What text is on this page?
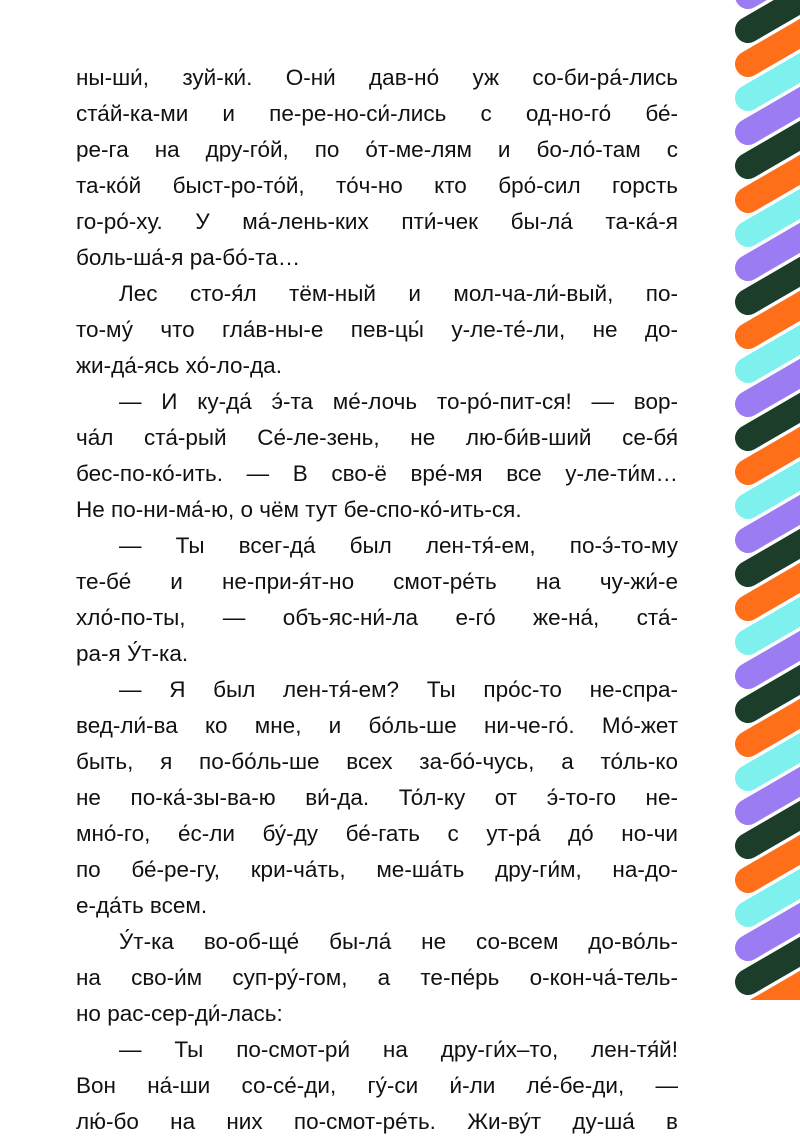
ны-ши́, зуй-ки́. О-ни́ дав-но́ уж со-би-ра́-лись
ста́й-ка-ми и пе-ре-но-си́-лись с од-но-го́ бе́-
ре-га на дру-го́й, по о́т-ме-лям и бо-ло́-там с
та-ко́й быст-ро-то́й, то́ч-но кто бро́-сил горсть
го-ро́-ху. У ма́-лень-ких пти́-чек бы-ла́ та-ка́-я
боль-ша́-я ра-бо́-та…
Лес сто-я́л тём-ный и мол-ча-ли́-вый, по-
то-му́ что гла́в-ны-е пев-цы́ у-ле-те́-ли, не до-
жи-да́-ясь хо́-ло-да.
— И ку-да́ э́-та ме́-лочь то-ро́-пит-ся! — вор-
ча́л ста́-рый Се́-ле-зень, не лю-би́в-ший се-бя́
бес-по-ко́-ить. — В сво-ё вре́-мя все у-ле-ти́м…
Не по-ни-ма́-ю, о чём тут бе-спо-ко́-ить-ся.
— Ты всег-да́ был лен-тя́-ем, по-э́-то-му
те-бе́ и не-при-я́т-но смот-ре́ть на чу-жи́-е
хло́-по-ты, — объ-яс-ни́-ла е-го́ же-на́, ста́-
ра-я У́т-ка.
— Я был лен-тя́-ем? Ты про́с-то не-спра-
вед-ли́-ва ко мне, и бо́ль-ше ни-че-го́. Мо́-жет
быть, я по-бо́ль-ше всех за-бо́-чусь, а то́ль-ко
не по-ка́-зы-ва-ю ви́-да. То́л-ку от э́-то-го не-
мно́-го, е́с-ли бу́-ду бе́-гать с ут-ра́ до́ но-чи
по бе́-ре-гу, кри-ча́ть, ме-ша́ть дру-ги́м, на-до-
е-да́ть всем.
У́т-ка во-об-ще́ бы-ла́ не со-всем до-во́ль-
на сво-и́м суп-ру́-гом, а те-пе́рь о-кон-ча́-тель-
но рас-сер-ди́-лась:
— Ты по-смот-ри́ на дру-ги́х–то, лен-тя́й!
Вон на́-ши со-се́-ди, гу́-си и́-ли ле́-бе-ди, —
лю́-бо на них по-смот-ре́ть. Жи-ву́т ду-ша́ в
